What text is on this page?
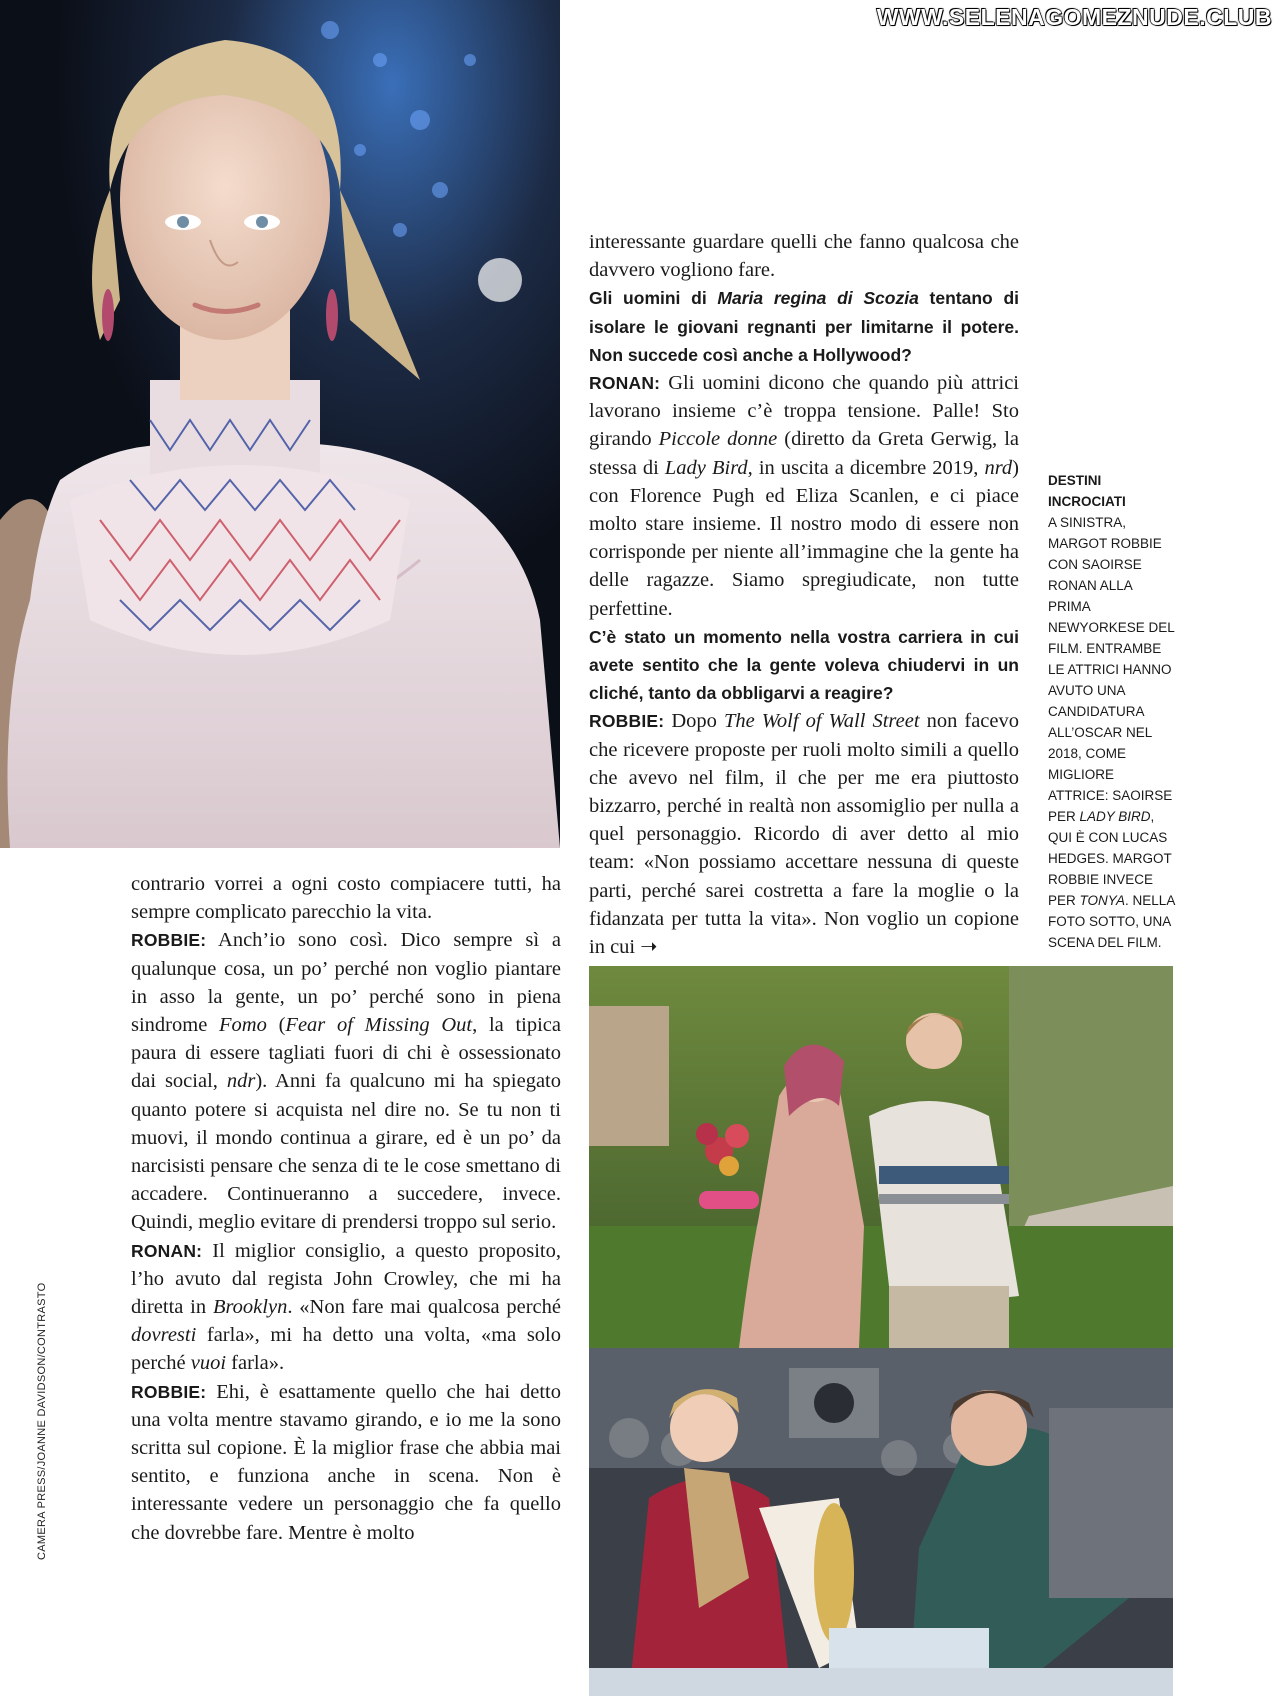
WWW.SELENAGOMEZNUDE.CLUB

interessante guardare quelli che fanno qualcosa che davvero vogliono fare.

Gli uomini di Maria regina di Scozia tentano di isolare le giovani regnanti per limitarne il potere. Non succede così anche a Hollywood?

RONAN: Gli uomini dicono che quando più attrici lavorano insieme c’è troppa tensione. Palle! Sto girando Piccole donne (diretto da Greta Gerwig, la stessa di Lady Bird, in uscita a dicembre 2019, nrd) con Florence Pugh ed Eliza Scanlen, e ci piace molto stare insieme. Il nostro modo di essere non corrisponde per niente all’immagine che la gente ha delle ragazze. Siamo spregiudicate, non tutte perfettine.

C’è stato un momento nella vostra carriera in cui avete sentito che la gente voleva chiudervi in un cliché, tanto da obbligarvi a reagire?

ROBBIE: Dopo The Wolf of Wall Street non facevo che ricevere proposte per ruoli molto simili a quello che avevo nel film, il che per me era piuttosto bizzarro, perché in realtà non assomiglio per nulla a quel personaggio. Ricordo di aver detto al mio team: «Non possiamo accettare nessuna di queste parti, perché sarei costretta a fare la moglie o la fidanzata per tutta la vita». Non voglio un copione in cui ➝

DESTINI INCROCIATI
A SINISTRA, MARGOT ROBBIE CON SAOIRSE RONAN ALLA PRIMA NEWYORKESE DEL FILM. ENTRAMBE LE ATTRICI HANNO AVUTO UNA CANDIDATURA ALL’OSCAR NEL 2018, COME MIGLIORE ATTRICE: SAOIRSE PER LADY BIRD, QUI È CON LUCAS HEDGES. MARGOT ROBBIE INVECE PER TONYA. NELLA FOTO SOTTO, UNA SCENA DEL FILM.

contrario vorrei a ogni costo compiacere tutti, ha sempre complicato parecchio la vita.

ROBBIE: Anch’io sono così. Dico sempre sì a qualunque cosa, un po’ perché non voglio piantare in asso la gente, un po’ perché sono in piena sindrome Fomo (Fear of Missing Out, la tipica paura di essere tagliati fuori di chi è ossessionato dai social, ndr). Anni fa qualcuno mi ha spiegato quanto potere si acquista nel dire no. Se tu non ti muovi, il mondo continua a girare, ed è un po’ da narcisisti pensare che senza di te le cose smettano di accadere. Continueranno a succedere, invece. Quindi, meglio evitare di prendersi troppo sul serio.

RONAN: Il miglior consiglio, a questo proposito, l’ho avuto dal regista John Crowley, che mi ha diretta in Brooklyn. «Non fare mai qualcosa perché dovresti farla», mi ha detto una volta, «ma solo perché vuoi farla».

ROBBIE: Ehi, è esattamente quello che hai detto una volta mentre stavamo girando, e io me la sono scritta sul copione. È la miglior frase che abbia mai sentito, e funziona anche in scena. Non è interessante vedere un personaggio che fa quello che dovrebbe fare. Mentre è molto

CAMERA PRESS/JOANNE DAVIDSON/CONTRASTO
